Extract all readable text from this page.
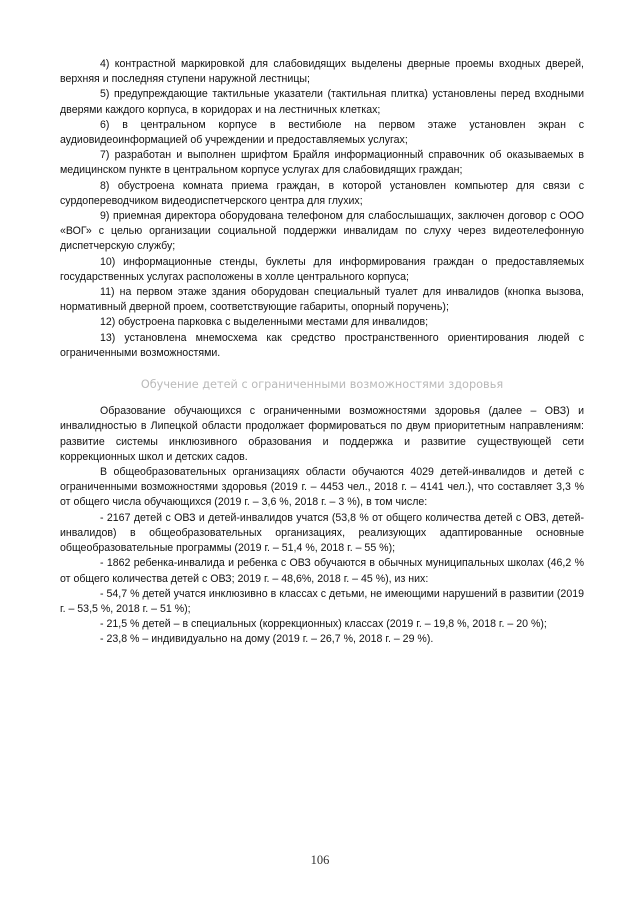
4) контрастной маркировкой для слабовидящих выделены дверные проемы входных дверей, верхняя и последняя ступени наружной лестницы;

5) предупреждающие тактильные указатели (тактильная плитка) установлены перед входными дверями каждого корпуса, в коридорах и на лестничных клетках;

6) в центральном корпусе в вестибюле на первом этаже установлен экран с аудиовидеоинформацией об учреждении и предоставляемых услугах;

7) разработан и выполнен шрифтом Брайля информационный справочник об оказываемых в медицинском пункте в центральном корпусе услугах для слабовидящих граждан;

8) обустроена комната приема граждан, в которой установлен компьютер для связи с сурдопереводчиком видеодиспетчерского центра для глухих;

9) приемная директора оборудована телефоном для слабослышащих, заключен договор с ООО «ВОГ» с целью организации социальной поддержки инвалидам по слуху через видеотелефонную диспетчерскую службу;

10) информационные стенды, буклеты для информирования граждан о предоставляемых государственных услугах расположены в холле центрального корпуса;

11) на первом этаже здания оборудован специальный туалет для инвалидов (кнопка вызова, нормативный дверной проем, соответствующие габариты, опорный поручень);

12) обустроена парковка с выделенными местами для инвалидов;

13) установлена мнемосхема как средство пространственного ориентирования людей с ограниченными возможностями.

Обучение детей с ограниченными возможностями здоровья

Образование обучающихся с ограниченными возможностями здоровья (далее – ОВЗ) и инвалидностью в Липецкой области продолжает формироваться по двум приоритетным направлениям: развитие системы инклюзивного образования и поддержка и развитие существующей сети коррекционных школ и детских садов.

В общеобразовательных организациях области обучаются 4029 детей-инвалидов и детей с ограниченными возможностями здоровья (2019 г. – 4453 чел., 2018 г. – 4141 чел.), что составляет 3,3 % от общего числа обучающихся (2019 г. – 3,6 %, 2018 г. – 3 %), в том числе:

- 2167 детей с ОВЗ и детей-инвалидов учатся (53,8 % от общего количества детей с ОВЗ, детей-инвалидов) в общеобразовательных организациях, реализующих адаптированные основные общеобразовательные программы (2019 г. – 51,4 %, 2018 г. – 55 %);

- 1862 ребенка-инвалида и ребенка с ОВЗ обучаются в обычных муниципальных школах (46,2 % от общего количества детей с ОВЗ; 2019 г. – 48,6%, 2018 г. – 45 %), из них:

- 54,7 % детей учатся инклюзивно в классах с детьми, не имеющими нарушений в развитии (2019 г. – 53,5 %, 2018 г. – 51 %);

- 21,5 % детей – в специальных (коррекционных) классах (2019 г. – 19,8 %, 2018 г. – 20 %);

- 23,8 % – индивидуально на дому (2019 г. – 26,7 %, 2018 г. – 29 %).

106
